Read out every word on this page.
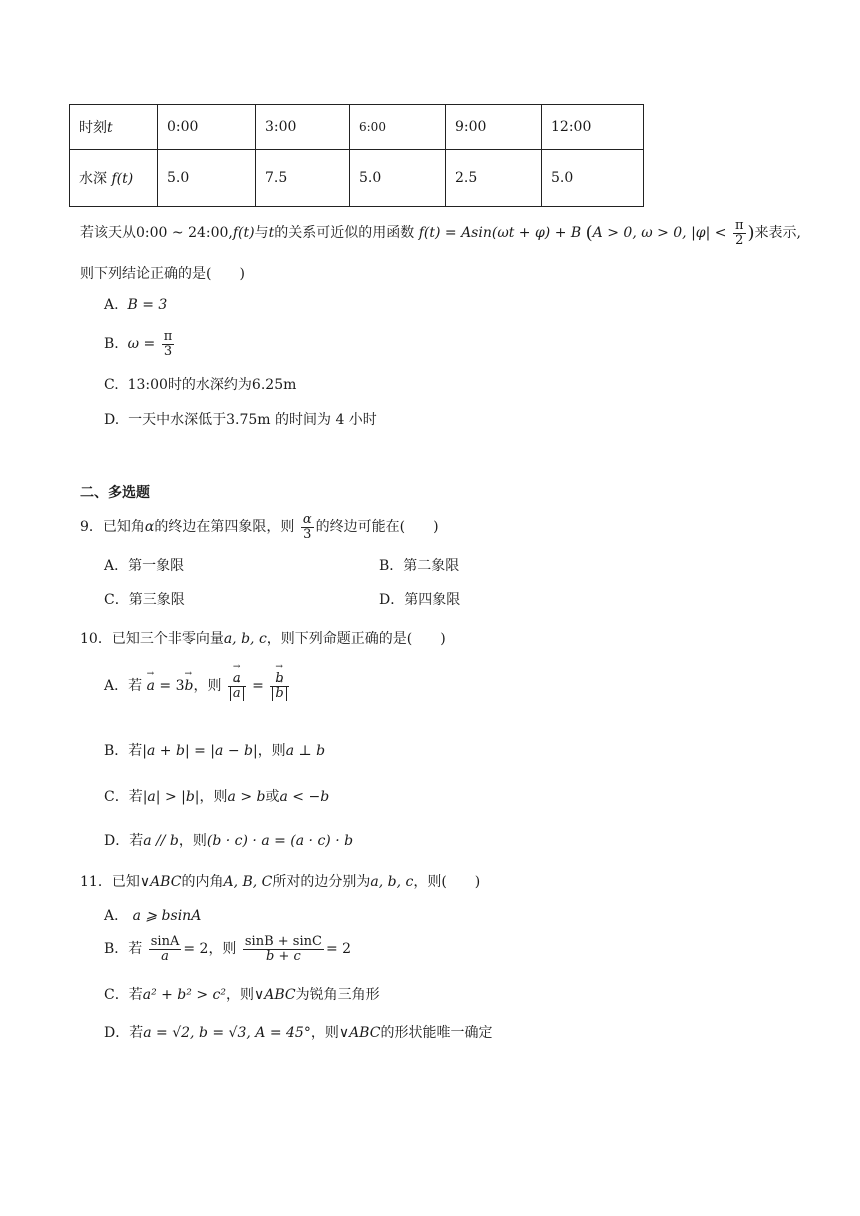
时刻t	0:00	3:00	6:00	9:00	12:00
水深 f(t)	5.0	7.5	5.0	2.5	5.0
若该天从0:00 ~ 24:00,f(t)与t的关系可近似的用函数 f(t) = Asin(ωt + φ) + B (A > 0, ω > 0, $|\varphi| < \frac{\pi}{2}$ )来表示,
则下列结论正确的是(　　)
A. B = 3
B. $\omega = \frac{\pi}{3}$
C. 13:00时的水深约为6.25m
D. 一天中水深低于3.75m 的时间为 4 小时
二、多选题
9．已知角α的终边在第四象限，则 $\frac{\alpha}{3}$ 的终边可能在(　　)
A．第一象限	B．第二象限
C．第三象限	D．第四象限
10．已知三个非零向量a, b, c，则下列命题正确的是(　　)
A．若 → a = 3→ b，则 → a
→ a = → b
→ b
B．若|a + b| = |a − b|，则a ⊥ b
C．若|a| > |b|，则a > b或a < −b
D．若a // b，则(b · c) · a = (a · c) · b
11．已知∨ABC的内角A, B, C所对的边分别为a, b, c，则(　　)
A． a ⩾ bsinA
B．若 $\frac{\sin A}{a} = 2$，则 $\frac{\sin B + \sin C}{b + c} = 2$
C．若a² + b² > c²，则∨ABC为锐角三角形
D．若a = √2, b = √3, A = 45°，则∨ABC的形状能唯一确定
